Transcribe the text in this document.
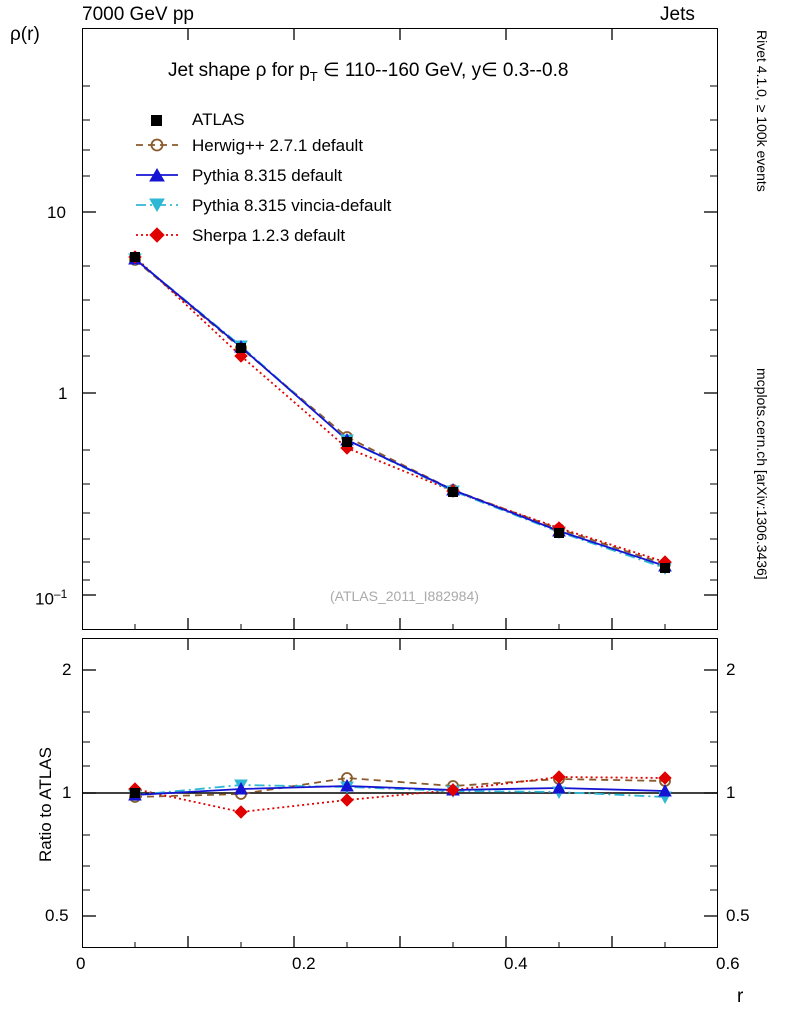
7000 GeV pp	Jets
Rivet 4.1.0, ≥ 100k events
mcplots.cern.ch [arXiv:1306.3436]
ρ(r)
Jet shape ρ for $p_T$ ∈ 110--160 GeV, y∈ 0.3--0.8
(ATLAS_2011_I882984)
10
1
$10^{-1}$
2
1
0.5
2
1
0.5
Ratio to ATLAS
0	0.2	0.4	0.6
r
ATLAS
Herwig++ 2.7.1 default
Pythia 8.315 default
Pythia 8.315 vincia-default
Sherpa 1.2.3 default
